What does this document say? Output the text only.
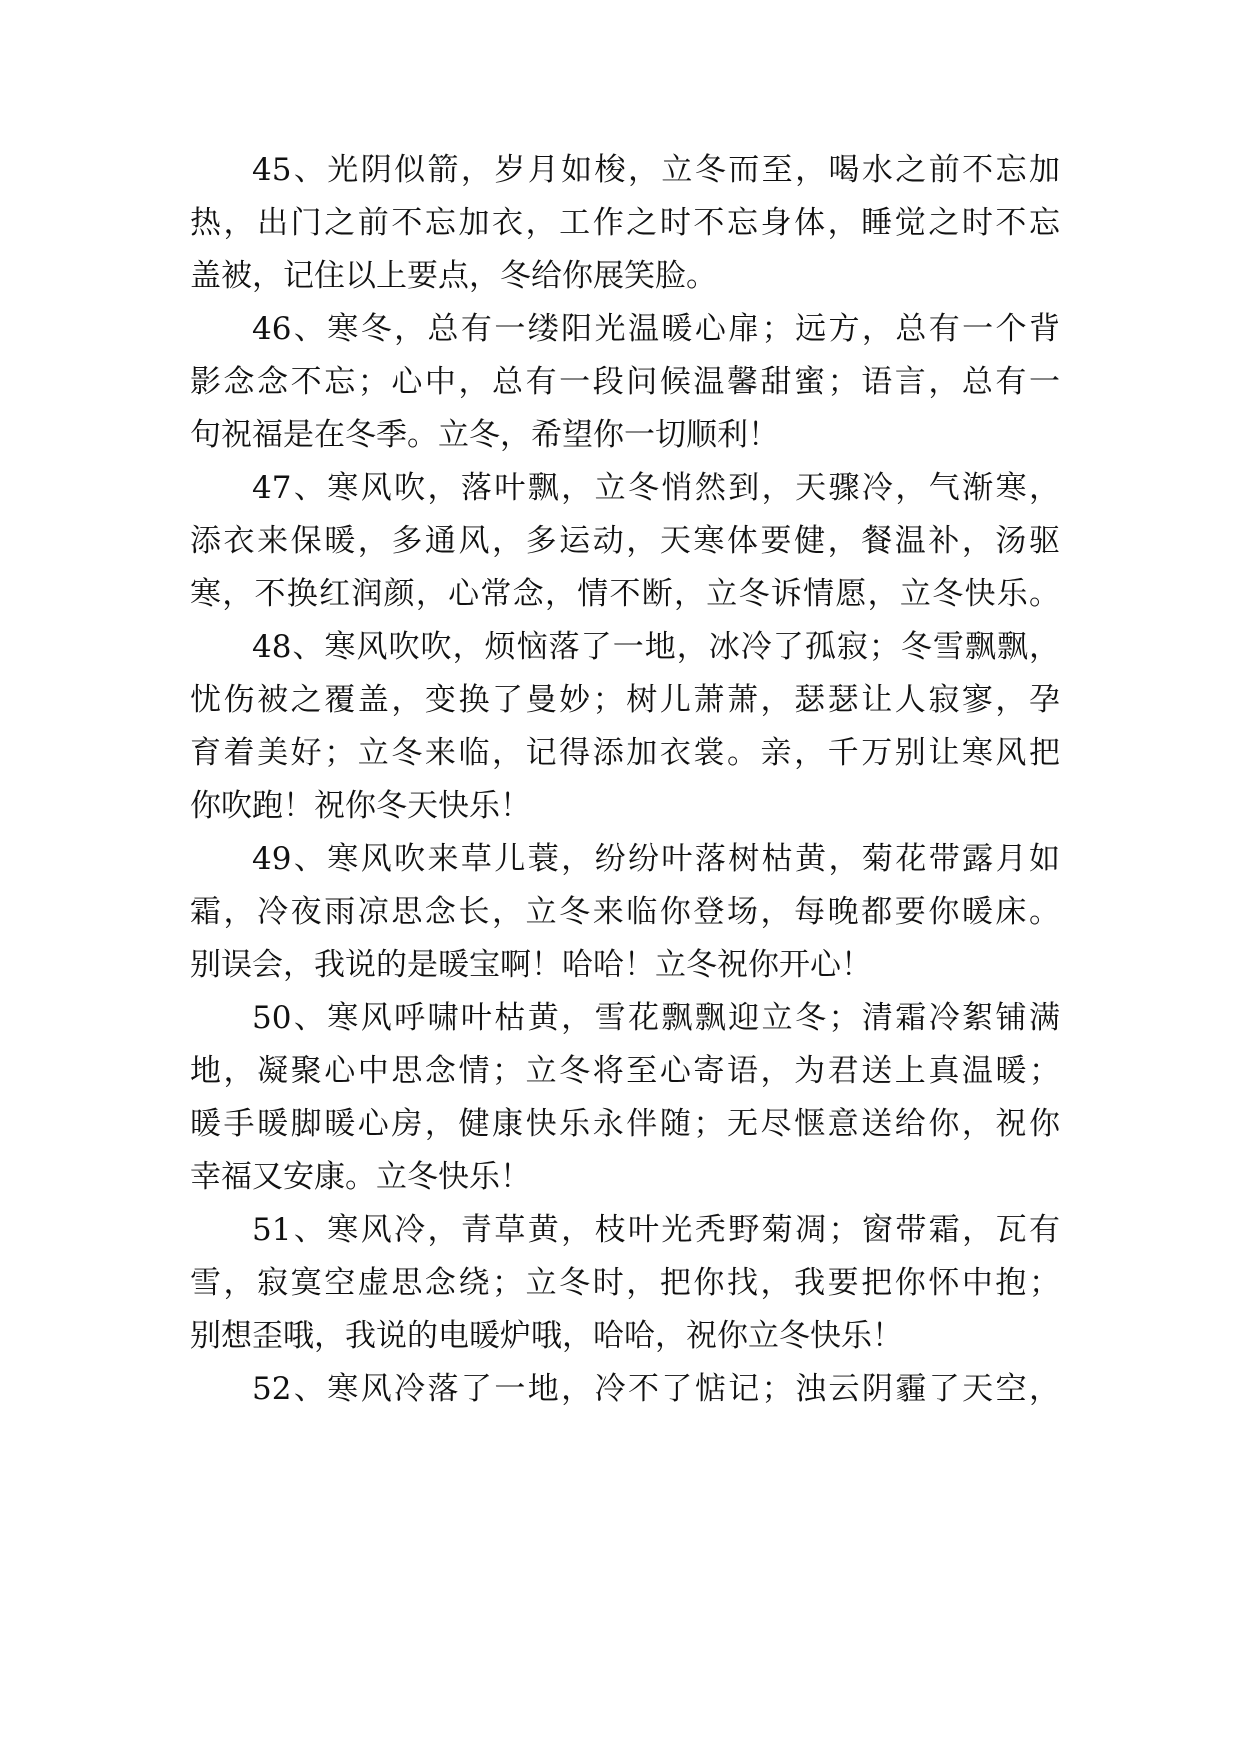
45、光阴似箭，岁月如梭，立冬而至，喝水之前不忘加
热，出门之前不忘加衣，工作之时不忘身体，睡觉之时不忘
盖被，记住以上要点，冬给你展笑脸。
46、寒冬，总有一缕阳光温暖心扉；远方，总有一个背
影念念不忘；心中，总有一段问候温馨甜蜜；语言，总有一
句祝福是在冬季。立冬，希望你一切顺利！
47、寒风吹，落叶飘，立冬悄然到，天骤冷，气渐寒，
添衣来保暖，多通风，多运动，天寒体要健，餐温补，汤驱
寒，不换红润颜，心常念，情不断，立冬诉情愿，立冬快乐。
48、寒风吹吹，烦恼落了一地，冰冷了孤寂；冬雪飘飘，
忧伤被之覆盖，变换了曼妙；树儿萧萧，瑟瑟让人寂寥，孕
育着美好；立冬来临，记得添加衣裳。亲，千万别让寒风把
你吹跑！祝你冬天快乐！
49、寒风吹来草儿蓑，纷纷叶落树枯黄，菊花带露月如
霜，冷夜雨凉思念长，立冬来临你登场，每晚都要你暖床。
别误会，我说的是暖宝啊！哈哈！立冬祝你开心！
50、寒风呼啸叶枯黄，雪花飘飘迎立冬；清霜冷絮铺满
地，凝聚心中思念情；立冬将至心寄语，为君送上真温暖；
暖手暖脚暖心房，健康快乐永伴随；无尽惬意送给你，祝你
幸福又安康。立冬快乐！
51、寒风冷，青草黄，枝叶光秃野菊凋；窗带霜，瓦有
雪，寂寞空虚思念绕；立冬时，把你找，我要把你怀中抱；
别想歪哦，我说的电暖炉哦，哈哈，祝你立冬快乐！
52、寒风冷落了一地，冷不了惦记；浊云阴霾了天空，
